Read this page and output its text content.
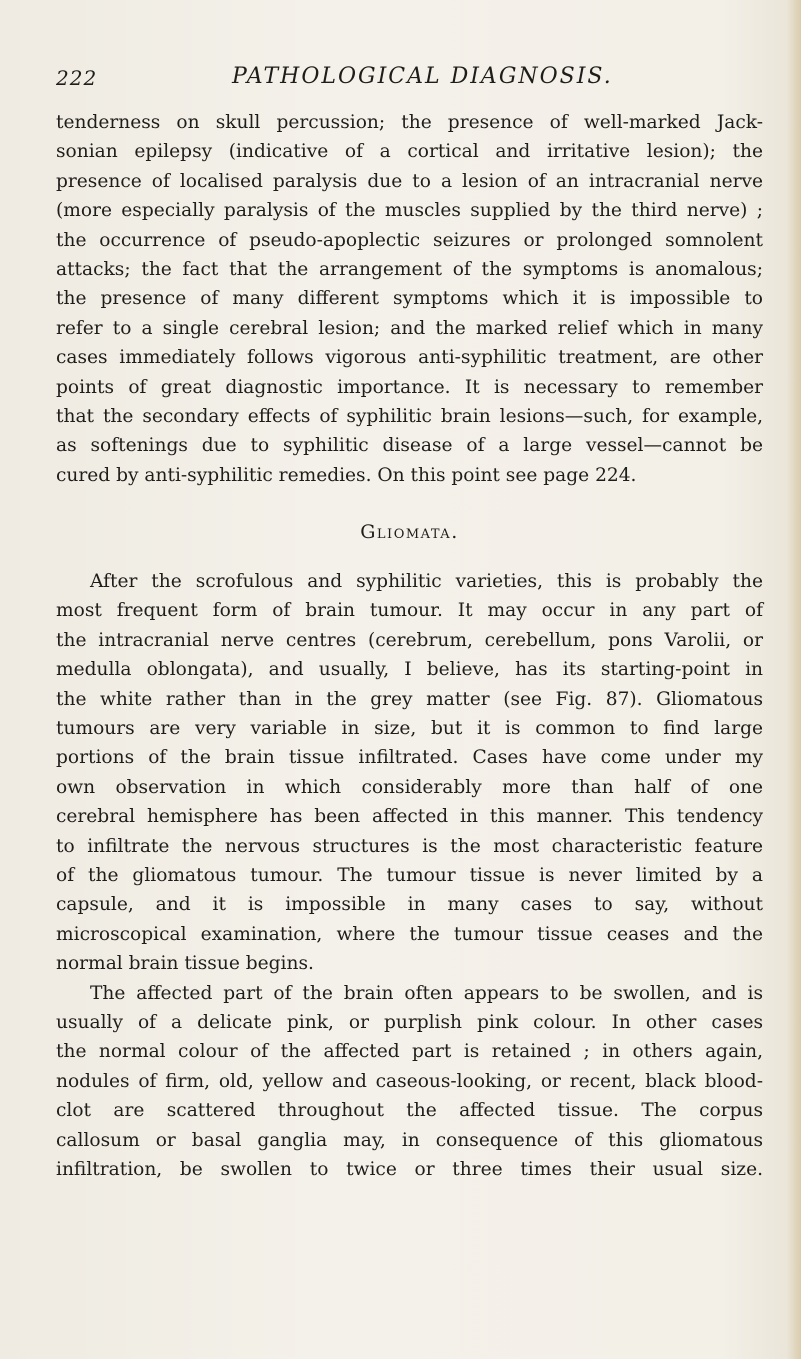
222	PATHOLOGICAL DIAGNOSIS.
tenderness on skull percussion; the presence of well-marked Jack-
sonian epilepsy (indicative of a cortical and irritative lesion); the
presence of localised paralysis due to a lesion of an intracranial nerve
(more especially paralysis of the muscles supplied by the third nerve) ;
the occurrence of pseudo-apoplectic seizures or prolonged somnolent
attacks; the fact that the arrangement of the symptoms is anomalous;
the presence of many different symptoms which it is impossible to
refer to a single cerebral lesion; and the marked relief which in many
cases immediately follows vigorous anti-syphilitic treatment, are other
points of great diagnostic importance. It is necessary to remember
that the secondary effects of syphilitic brain lesions—such, for example,
as softenings due to syphilitic disease of a large vessel—cannot be
cured by anti-syphilitic remedies. On this point see page 224.
Gliomata.
After the scrofulous and syphilitic varieties, this is probably the
most frequent form of brain tumour. It may occur in any part of
the intracranial nerve centres (cerebrum, cerebellum, pons Varolii, or
medulla oblongata), and usually, I believe, has its starting-point in
the white rather than in the grey matter (see Fig. 87). Gliomatous
tumours are very variable in size, but it is common to find large
portions of the brain tissue infiltrated. Cases have come under my
own observation in which considerably more than half of one
cerebral hemisphere has been affected in this manner. This tendency
to infiltrate the nervous structures is the most characteristic feature
of the gliomatous tumour. The tumour tissue is never limited by a
capsule, and it is impossible in many cases to say, without
microscopical examination, where the tumour tissue ceases and the
normal brain tissue begins.
The affected part of the brain often appears to be swollen, and is
usually of a delicate pink, or purplish pink colour. In other cases
the normal colour of the affected part is retained ; in others again,
nodules of firm, old, yellow and caseous-looking, or recent, black blood-
clot are scattered throughout the affected tissue. The corpus
callosum or basal ganglia may, in consequence of this gliomatous
infiltration, be swollen to twice or three times their usual size.
